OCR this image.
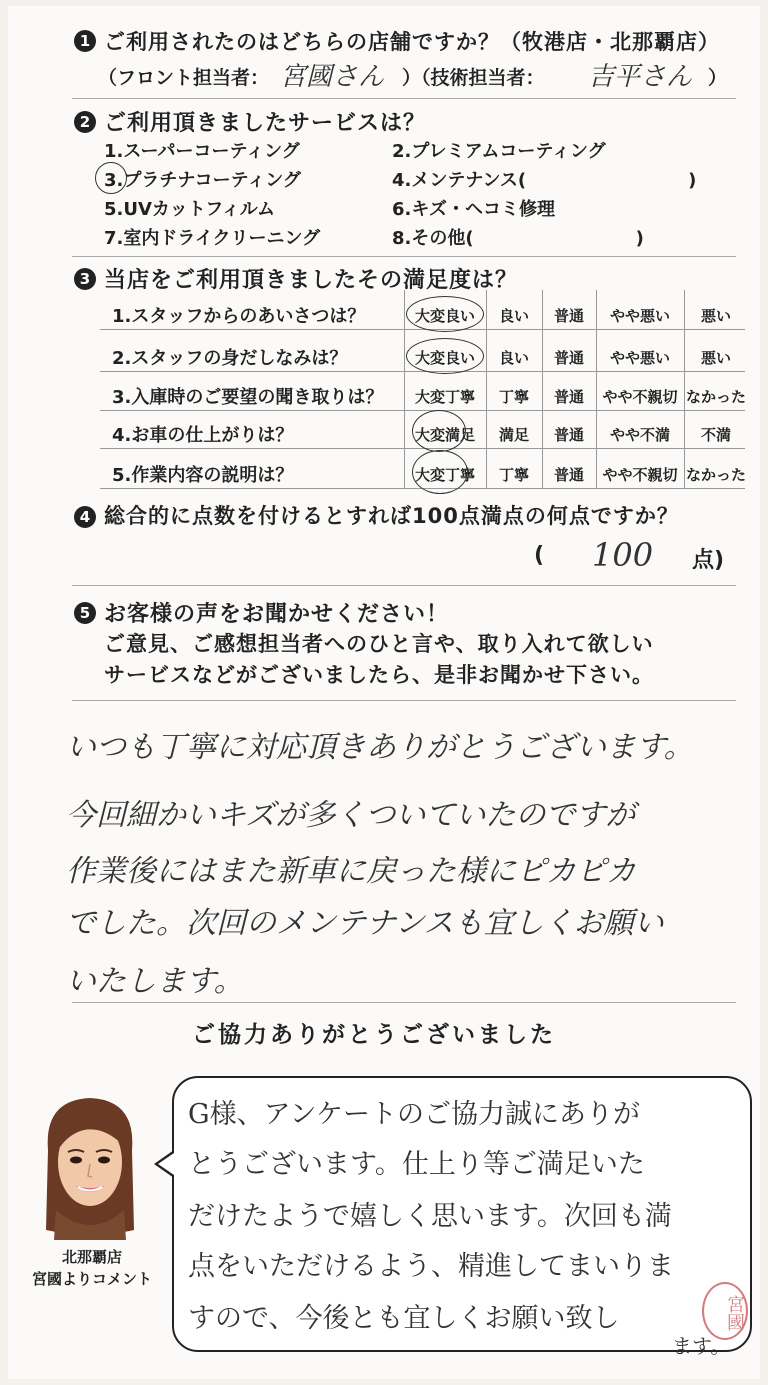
1 ご利用されたのはどちらの店舗ですか？（牧港店・北那覇店）
（フロント担当者： 宮國さん ）（技術担当者： 吉平さん ）
2 ご利用頂きましたサービスは？
1.スーパーコーティング	2.プレミアムコーティング
3.プラチナコーティング	4.メンテナンス(　　　　　　　　　)
5.UVカットフィルム	6.キズ・ヘコミ修理
7.室内ドライクリーニング	8.その他(　　　　　　　　　)
3 当店をご利用頂きましたその満足度は？
1.スタッフからのあいさつは？	大変良い	良い	普通	やや悪い	悪い
2.スタッフの身だしなみは？	大変良い	良い	普通	やや悪い	悪い
3.入庫時のご要望の聞き取りは？	大変丁寧	丁寧	普通	やや不親切 なかった
4.お車の仕上がりは？	大変満足	満足	普通	やや不満	不満
5.作業内容の説明は？	大変丁寧	丁寧	普通	やや不親切 なかった
4 総合的に点数を付けるとすれば100点満点の何点ですか？
( 100 点)
5 お客様の声をお聞かせください！
ご意見、ご感想担当者へのひと言や、取り入れて欲しい
サービスなどがございましたら、是非お聞かせ下さい。
いつも丁寧に対応頂きありがとうございます。
今回細かいキズが多くついていたのですが
作業後にはまた新車に戻った様にピカピカ
でした。次回のメンテナンスも宜しくお願い
いたします。
ご協力ありがとうございました
北那覇店
宮國よりコメント
G様、アンケートのご協力誠にありが
とうございます。仕上り等ご満足いた
だけたようで嬉しく思います。次回も満
点をいただけるよう、精進してまいりま
すので、今後とも宜しくお願い致し
ます。
宮國
